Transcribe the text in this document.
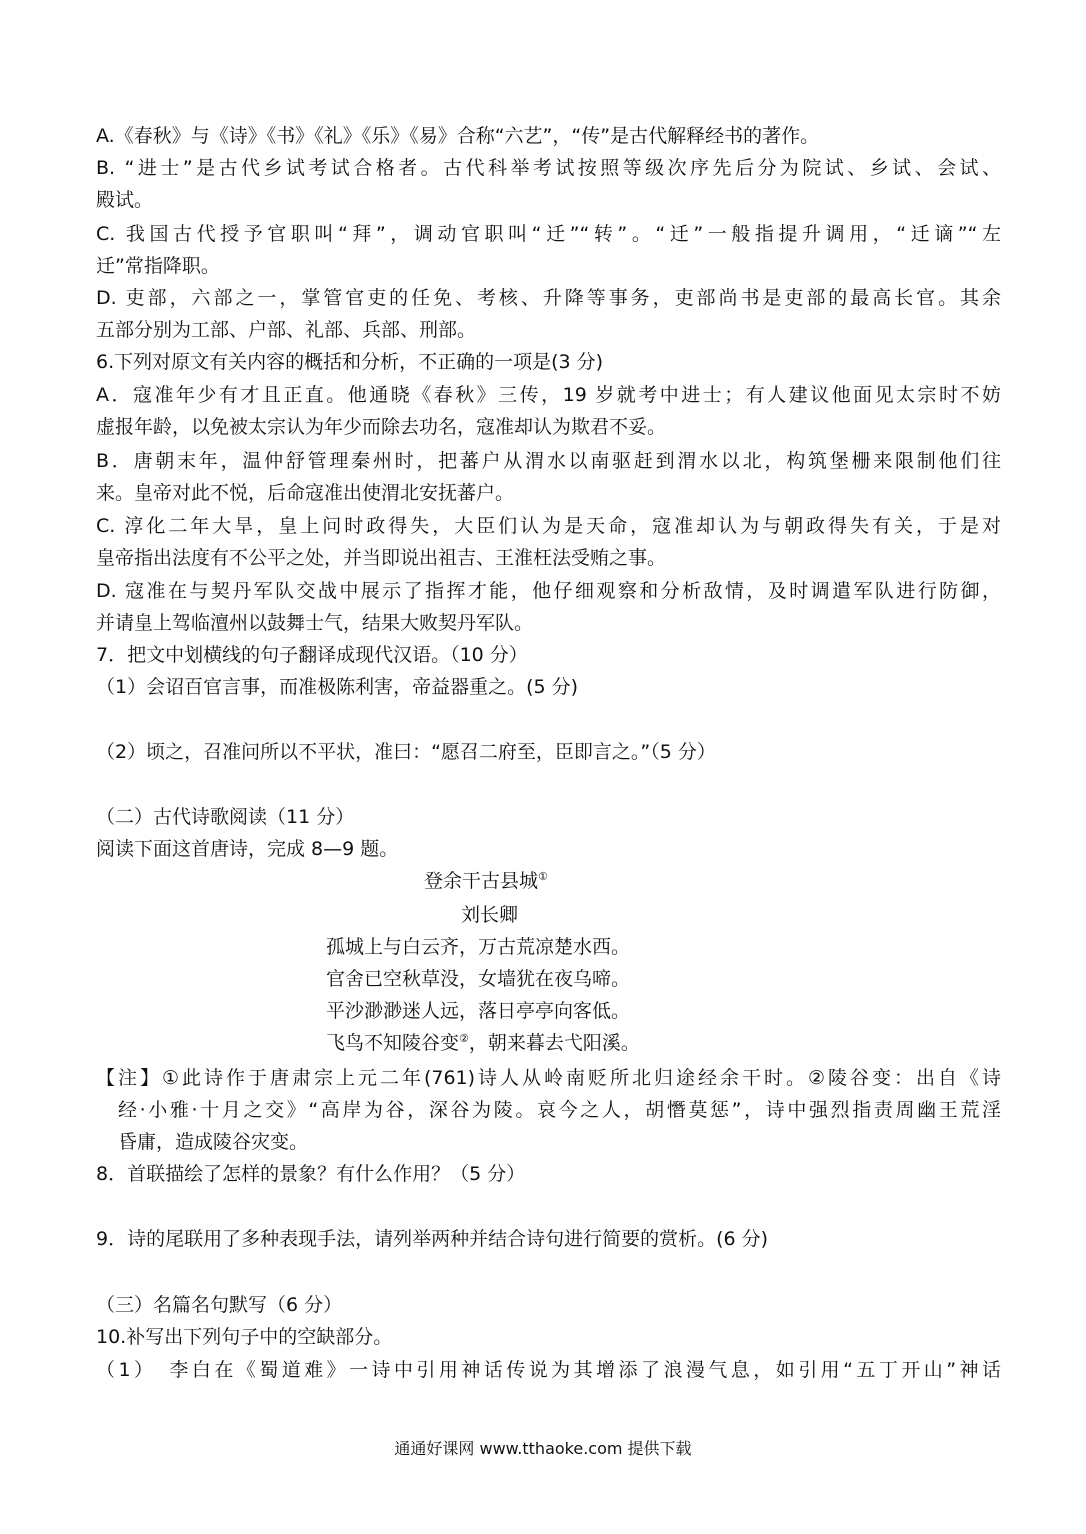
A.《春秋》与《诗》《书》《礼》《乐》《易》合称“六艺”，“传”是古代解释经书的著作。
B. “进士”是古代乡试考试合格者。古代科举考试按照等级次序先后分为院试、乡试、会试、
殿试。
C. 我国古代授予官职叫“拜”，调动官职叫“迁”“转”。“迁”一般指提升调用，“迁谪”“左
迁”常指降职。
D. 吏部，六部之一，掌管官吏的任免、考核、升降等事务，吏部尚书是吏部的最高长官。其余
五部分别为工部、户部、礼部、兵部、刑部。
6.下列对原文有关内容的概括和分析，不正确的一项是(3 分)
A．寇准年少有才且正直。他通晓《春秋》三传，19 岁就考中进士；有人建议他面见太宗时不妨
虚报年龄，以免被太宗认为年少而除去功名，寇准却认为欺君不妥。
B．唐朝末年，温仲舒管理秦州时，把蕃户从渭水以南驱赶到渭水以北，构筑堡栅来限制他们往
来。皇帝对此不悦，后命寇准出使渭北安抚蕃户。
C. 淳化二年大旱，皇上问时政得失，大臣们认为是天命，寇准却认为与朝政得失有关，于是对
皇帝指出法度有不公平之处，并当即说出祖吉、王淮枉法受贿之事。
D. 寇准在与契丹军队交战中展示了指挥才能，他仔细观察和分析敌情，及时调遣军队进行防御，
并请皇上驾临澶州以鼓舞士气，结果大败契丹军队。
7．把文中划横线的句子翻译成现代汉语。（10 分）
（1）会诏百官言事，而准极陈利害，帝益器重之。(5 分)
（2）顷之，召准问所以不平状，准曰：“愿召二府至，臣即言之。”（5 分）
（二）古代诗歌阅读（11 分）
阅读下面这首唐诗，完成 8—9 题。
登余干古县城①
刘长卿
孤城上与白云齐，万古荒凉楚水西。
官舍已空秋草没，女墙犹在夜乌啼。
平沙渺渺迷人远，落日亭亭向客低。
飞鸟不知陵谷变②，朝来暮去弋阳溪。
【注】①此诗作于唐肃宗上元二年(761)诗人从岭南贬所北归途经余干时。②陵谷变：出自《诗
经·小雅·十月之交》“高岸为谷，深谷为陵。哀今之人，胡憯莫惩”，诗中强烈指责周幽王荒淫
昏庸，造成陵谷灾变。
8．首联描绘了怎样的景象？有什么作用？（5 分）
9．诗的尾联用了多种表现手法，请列举两种并结合诗句进行简要的赏析。(6 分)
（三）名篇名句默写（6 分）
10.补写出下列句子中的空缺部分。
（1）　李白在《蜀道难》一诗中引用神话传说为其增添了浪漫气息，如引用“五丁开山”神话
通通好课网 www.tthaoke.com 提供下载
